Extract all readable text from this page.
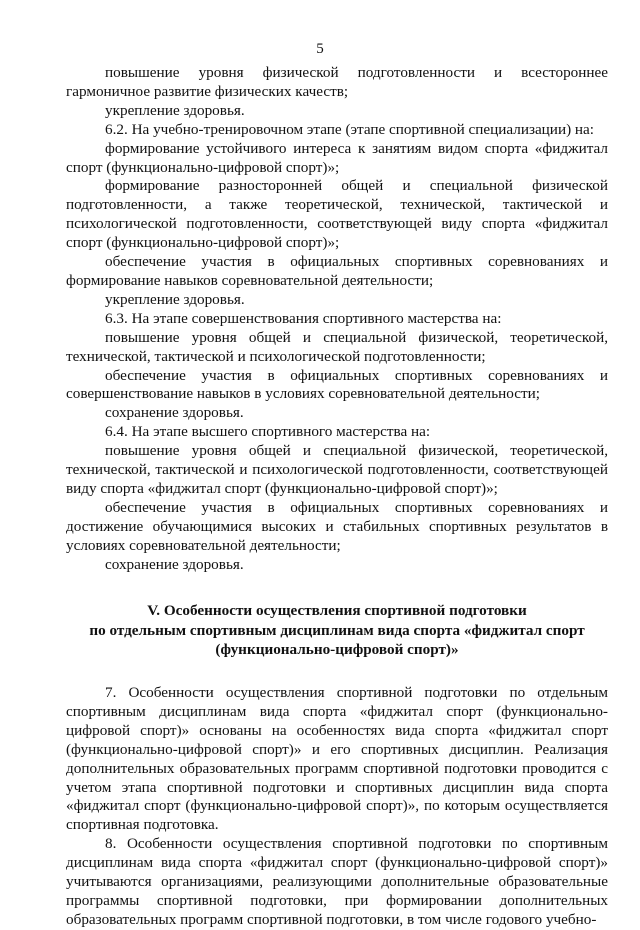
5

повышение уровня физической подготовленности и всестороннее гармоничное развитие физических качеств;

укрепление здоровья.

6.2. На учебно-тренировочном этапе (этапе спортивной специализации) на:

формирование устойчивого интереса к занятиям видом спорта «фиджитал спорт (функционально-цифровой спорт)»;

формирование разносторонней общей и специальной физической подготовленности, а также теоретической, технической, тактической и психологической подготовленности, соответствующей виду спорта «фиджитал спорт (функционально-цифровой спорт)»;

обеспечение участия в официальных спортивных соревнованиях и формирование навыков соревновательной деятельности;

укрепление здоровья.

6.3. На этапе совершенствования спортивного мастерства на:

повышение уровня общей и специальной физической, теоретической, технической, тактической и психологической подготовленности;

обеспечение участия в официальных спортивных соревнованиях и совершенствование навыков в условиях соревновательной деятельности;

сохранение здоровья.

6.4. На этапе высшего спортивного мастерства на:

повышение уровня общей и специальной физической, теоретической, технической, тактической и психологической подготовленности, соответствующей виду спорта «фиджитал спорт (функционально-цифровой спорт)»;

обеспечение участия в официальных спортивных соревнованиях и достижение обучающимися высоких и стабильных спортивных результатов в условиях соревновательной деятельности;

сохранение здоровья.

V. Особенности осуществления спортивной подготовки
по отдельным спортивным дисциплинам вида спорта «фиджитал спорт
(функционально-цифровой спорт)»

7. Особенности осуществления спортивной подготовки по отдельным спортивным дисциплинам вида спорта «фиджитал спорт (функционально-цифровой спорт)» основаны на особенностях вида спорта «фиджитал спорт (функционально-цифровой спорт)» и его спортивных дисциплин. Реализация дополнительных образовательных программ спортивной подготовки проводится с учетом этапа спортивной подготовки и спортивных дисциплин вида спорта «фиджитал спорт (функционально-цифровой спорт)», по которым осуществляется спортивная подготовка.

8. Особенности осуществления спортивной подготовки по спортивным дисциплинам вида спорта «фиджитал спорт (функционально-цифровой спорт)» учитываются организациями, реализующими дополнительные образовательные программы спортивной подготовки, при формировании дополнительных образовательных программ спортивной подготовки, в том числе годового учебно-
